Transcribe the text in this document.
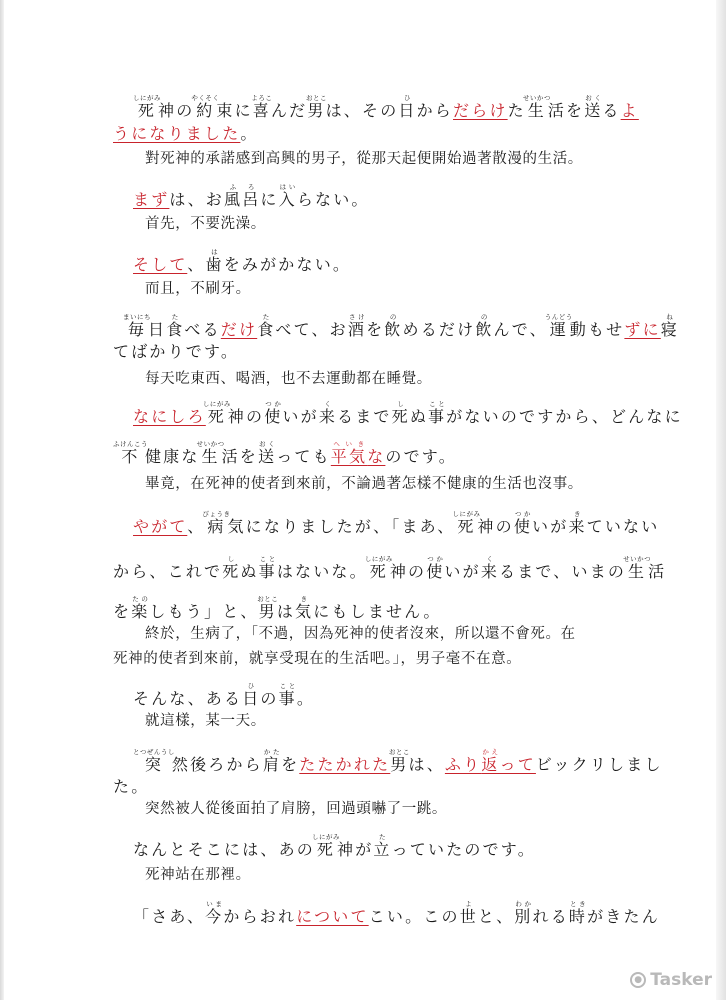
死しにがみ神の約やくそく束に喜よろこんだ男おとこは、その日ひからだらけた生せいかつ活を送おくるよ
うになりました。
對死神的承諾感到高興的男子，從那天起便開始過著散漫的生活。
まずは、お風ふ呂ろに入はいらない。
首先，不要洗澡。
そして、歯はをみがかない。
而且，不刷牙。
毎まいにち日食たべるだけ食たべて、お酒さけを飲のめるだけ飲のんで、運うんどう動もせずに寝ね
てばかりです。
每天吃東西、喝酒，也不去運動都在睡覺。
なにしろ死しにがみ神の使つかいが来くるまで死しぬ事ことがないのですから、どんなに
不ふけんこう健康な生せいかつ活を送おくっても平気へいきなのです。
畢竟，在死神的使者到來前，不論過著怎樣不健康的生活也沒事。
やがて、病びょうき気になりましたが、「まあ、死しにがみ神の使つかいが来きていない
から、これで死しぬ事ことはないな。死しにがみ神の使つかいが来くるまで、いまの生せいかつ活
を楽たのしもう」と、男おとこは気きにもしません。
終於，生病了，「不過，因為死神的使者沒來，所以還不會死。在
死神的使者到來前，就享受現在的生活吧。」，男子毫不在意。
そんな、ある日ひの事こと。
就這樣，某一天。
突とつぜんうし然後ろから肩かたをたたかれた男おとこは、ふり返かえってビックリしまし
た。
突然被人從後面拍了肩膀，回過頭嚇了一跳。
なんとそこには、あの死しにがみ神が立たっていたのです。
死神站在那裡。
「さあ、今いまからおれについてこい。この世よと、別わかれる時ときがきたん
● Tasker
